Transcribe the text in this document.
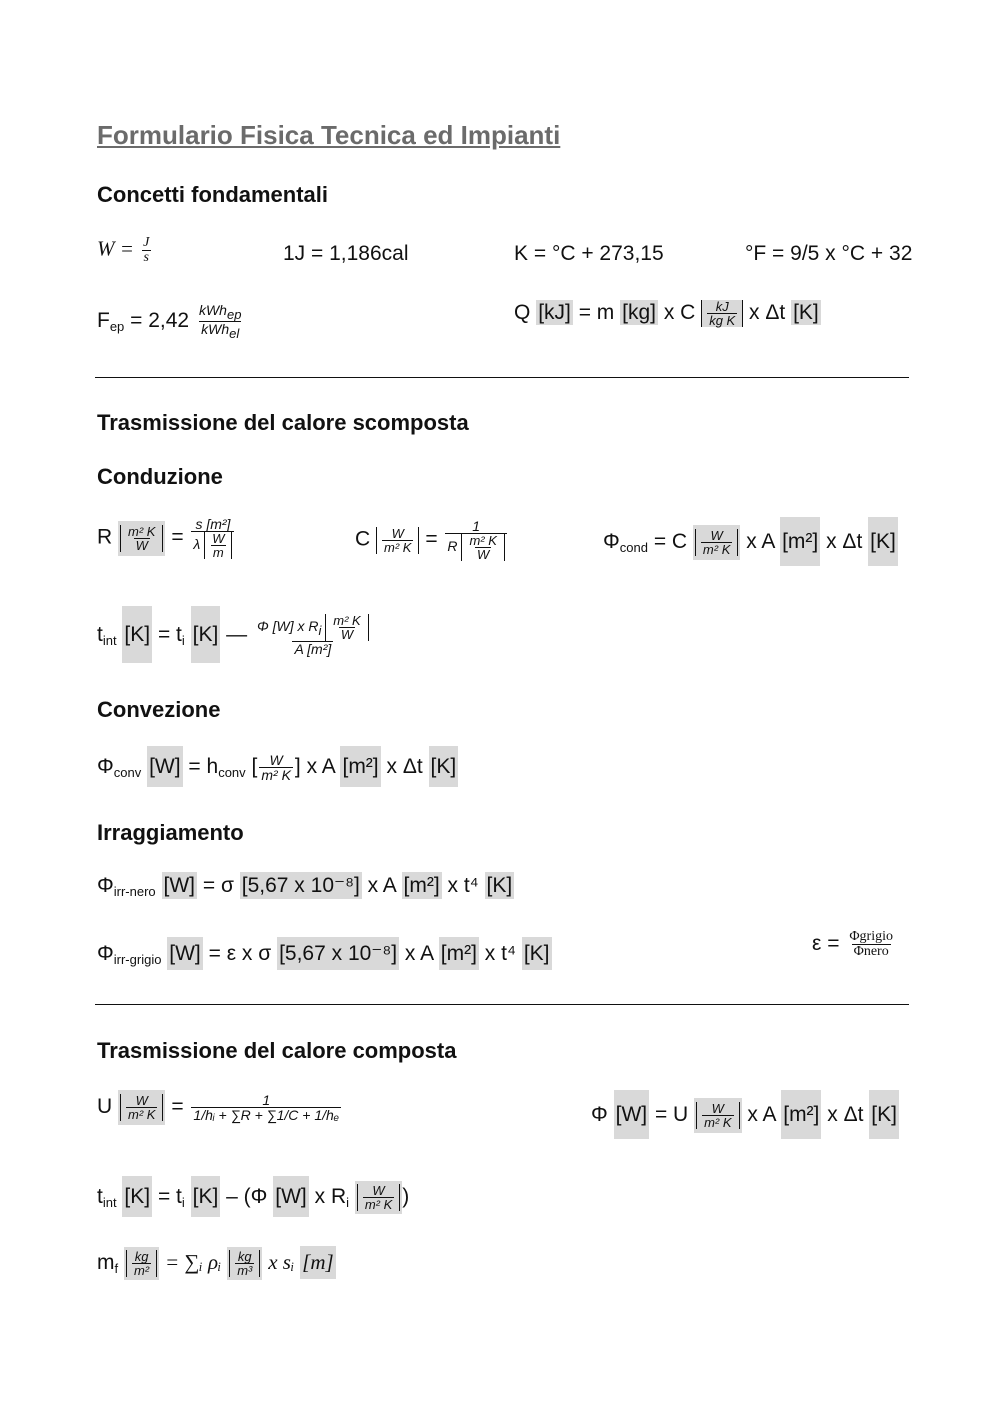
Formulario Fisica Tecnica ed Impianti
Concetti fondamentali
$W = \frac{J}{s}$	1J = 1,186cal	K = °C + 273,15	°F = 9/5 x °C + 32
$F_{ep} = 2,42 \frac{kWh_{ep}}{kWh_{el}}$	Q [kJ] = m [kg] x C $\frac{kJ}{\text{kg K}}$ x Δt [K]
Trasmissione del calore scomposta
Conduzione
R $\frac{\text{m² K}}{W} = \frac{\text{s [m²]}}{\lambda \frac{W}{m}}$	C $\frac{W}{\text{m² K}} = \frac{1}{R \frac{\text{m² K}}{W}}$	$\Phi_{cond} = C \frac{W}{\text{m² K}}$ x A [m²] x Δt [K]
$t_{int}$ $[K] = t_i$ [K] — $\frac{\Phi [W] x R_i \frac{\text{m² K}}{W}}{\text{A [m²]}}$
Convezione
$\Phi_{conv}$ $[W] = h_{conv}$ [ $\frac{W}{\text{m² K}}$ ] x A [m²] x Δt [K]
Irraggiamento
$\Phi_{irr-nero}$ [W] = σ [5,67 x 10⁻⁸] x A [m²] x t⁴ [K]
$\Phi_{irr-grigio}$ [W] = ε x σ [5,67 x 10⁻⁸] x A [m²] x t⁴ [K]	$\varepsilon = \frac{\text{Φgrigio}}{\text{Φnero}}$
Trasmissione del calore composta
U $\frac{W}{\text{m² K}} = \frac{1}{\text{1/hᵢ + ∑R + ∑1/C + 1/hₑ}}$	Φ [W] = U $\frac{W}{\text{m² K}}$ x A [m²] x Δt [K]
$t_{int}$ $[K] = t_i$ [K] – (Φ [W] x $R_i \frac{W}{\text{m² K}}$ )
$m_f \frac{kg}{\text{m²}}$ = ∑ᵢ ρᵢ $\frac{kg}{\text{m³}}$ x sᵢ [m]
